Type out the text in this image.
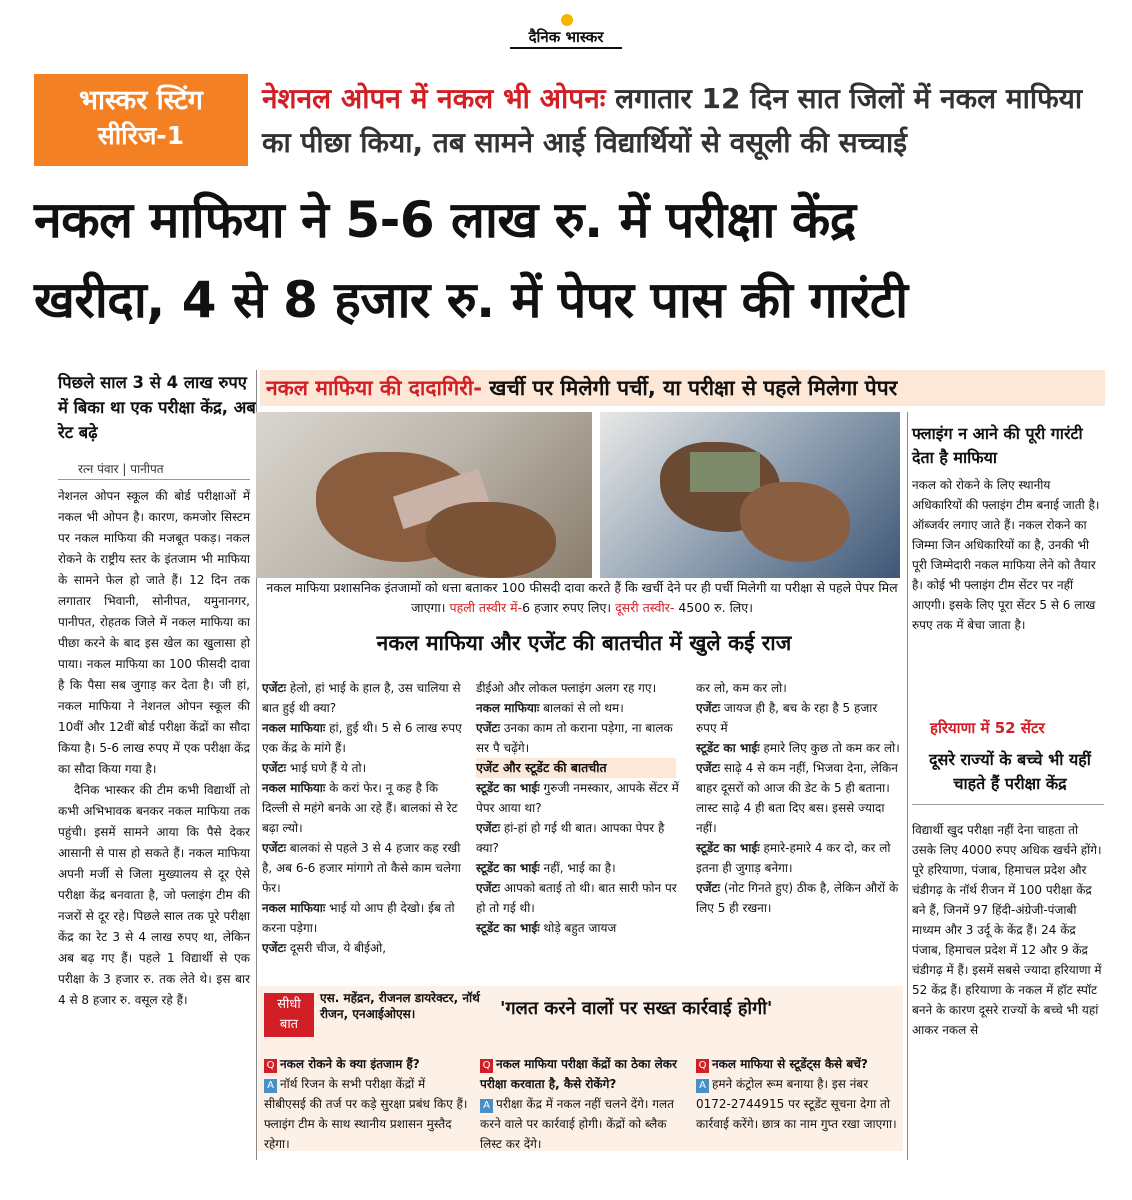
दैनिक भास्कर
भास्कर स्टिंग
सीरिज-1
नेशनल ओपन में नकल भी ओपनः लगातार 12 दिन सात जिलों में नकल माफिया का पीछा किया, तब सामने आई विद्यार्थियों से वसूली की सच्चाई
नकल माफिया ने 5-6 लाख रु. में परीक्षा केंद्र
खरीदा, 4 से 8 हजार रु. में पेपर पास की गारंटी
पिछले साल 3 से 4 लाख रुपए में बिका था एक परीक्षा केंद्र, अब रेट बढ़े
रत्न पंवार | पानीपत

नेशनल ओपन स्कूल की बोर्ड परीक्षाओं में नकल भी ओपन है। कारण, कमजोर सिस्टम पर नकल माफिया की मजबूत पकड़। नकल रोकने के राष्ट्रीय स्तर के इंतजाम भी माफिया के सामने फेल हो जाते हैं। 12 दिन तक लगातार भिवानी, सोनीपत, यमुनानगर, पानीपत, रोहतक जिले में नकल माफिया का पीछा करने के बाद इस खेल का खुलासा हो पाया। नकल माफिया का 100 फीसदी दावा है कि पैसा सब जुगाड़ कर देता है। जी हां, नकल माफिया ने नेशनल ओपन स्कूल की 10वीं और 12वीं बोर्ड परीक्षा केंद्रों का सौदा किया है। 5-6 लाख रुपए में एक परीक्षा केंद्र का सौदा किया गया है।

दैनिक भास्कर की टीम कभी विद्यार्थी तो कभी अभिभावक बनकर नकल माफिया तक पहुंची। इसमें सामने आया कि पैसे देकर आसानी से पास हो सकते हैं। नकल माफिया अपनी मर्जी से जिला मुख्यालय से दूर ऐसे परीक्षा केंद्र बनवाता है, जो फ्लाइंग टीम की नजरों से दूर रहे। पिछले साल तक पूरे परीक्षा केंद्र का रेट 3 से 4 लाख रुपए था, लेकिन अब बढ़ गए हैं। पहले 1 विद्यार्थी से एक परीक्षा के 3 हजार रु. तक लेते थे। इस बार 4 से 8 हजार रु. वसूल रहे हैं।

नकल माफिया की दादागिरी- खर्ची पर मिलेगी पर्ची, या परीक्षा से पहले मिलेगा पेपर
नकल माफिया प्रशासनिक इंतजामों को धत्ता बताकर 100 फीसदी दावा करते हैं कि खर्ची देने पर ही पर्ची मिलेगी या परीक्षा से पहले पेपर मिल जाएगा। पहली तस्वीर में-6 हजार रुपए लिए। दूसरी तस्वीर- 4500 रु. लिए।
फ्लाइंग न आने की पूरी गारंटी देता है माफिया
नकल को रोकने के लिए स्थानीय अधिकारियों की फ्लाइंग टीम बनाई जाती है। ऑब्जर्वर लगाए जाते हैं। नकल रोकने का जिम्मा जिन अधिकारियों का है, उनकी भी पूरी जिम्मेदारी नकल माफिया लेने को तैयार है। कोई भी फ्लाइंग टीम सेंटर पर नहीं आएगी। इसके लिए पूरा सेंटर 5 से 6 लाख रुपए तक में बेचा जाता है।
हरियाणा में 52 सेंटर
दूसरे राज्यों के बच्चे भी यहीं चाहते हैं परीक्षा केंद्र
विद्यार्थी खुद परीक्षा नहीं देना चाहता तो उसके लिए 4000 रुपए अधिक खर्चने होंगे। पूरे हरियाणा, पंजाब, हिमाचल प्रदेश और चंडीगढ़ के नॉर्थ रीजन में 100 परीक्षा केंद्र बने हैं, जिनमें 97 हिंदी-अंग्रेजी-पंजाबी माध्यम और 3 उर्दू के केंद्र हैं। 24 केंद्र पंजाब, हिमाचल प्रदेश में 12 और 9 केंद्र चंडीगढ़ में हैं। इसमें सबसे ज्यादा हरियाणा में 52 केंद्र हैं। हरियाणा के नकल में हॉट स्पॉट बनने के कारण दूसरे राज्यों के बच्चे भी यहां आकर नकल से
नकल माफिया और एजेंट की बातचीत में खुले कई राज

एजेंटः हेलो, हां भाई के हाल है, उस चालिया से बात हुई थी क्या?

नकल माफियाः हां, हुई थी। 5 से 6 लाख रुपए एक केंद्र के मांगे हैं।

एजेंटः भाई घणे हैं ये तो।

नकल माफियाः के करां फेर। नू कह है कि दिल्ली से महंगे बनके आ रहे हैं। बालकां से रेट बढ़ा ल्यो।

एजेंटः बालकां से पहले 3 से 4 हजार कह रखी है, अब 6-6 हजार मांगागे तो कैसे काम चलेगा फेर।

नकल माफियाः भाई यो आप ही देखो। ईब तो करना पड़ेगा।

एजेंटः दूसरी चीज, ये बीईओ,

डीईओ और लोकल फ्लाइंग अलग रह गए।

नकल माफियाः बालकां से लो थम।

एजेंटः उनका काम तो कराना पड़ेगा, ना बालक सर पै चढ़ेंगे।

एजेंट और स्टूडेंट की बातचीत

स्टूडेंट का भाईः गुरुजी नमस्कार, आपके सेंटर में पेपर आया था?

एजेंटः हां-हां हो गई थी बात। आपका पेपर है क्या?

स्टूडेंट का भाईः नहीं, भाई का है।

एजेंटः आपको बताई तो थी। बात सारी फोन पर हो तो गई थी।

स्टूडेंट का भाईः थोड़े बहुत जायज

कर लो, कम कर लो।

एजेंटः जायज ही है, बच के रहा है 5 हजार रुपए में

स्टूडेंट का भाईः हमारे लिए कुछ तो कम कर लो।

एजेंटः साढ़े 4 से कम नहीं, भिजवा देना, लेकिन बाहर दूसरों को आज की डेट के 5 ही बताना। लास्ट साढ़े 4 ही बता दिए बस। इससे ज्यादा नहीं।

स्टूडेंट का भाईः हमारे-हमारे 4 कर दो, कर लो इतना ही जुगाड़ बनेगा।

एजेंटः (नोट गिनते हुए) ठीक है, लेकिन औरों के लिए 5 ही रखना।

सीधी
बात
एस. महेंद्रन, रीजनल डायरेक्टर, नॉर्थ रीजन, एनआईओएस।	'गलत करने वालों पर सख्त कार्रवाई होगी'
Q नकल रोकने के क्या इंतजाम हैं?
A नॉर्थ रिजन के सभी परीक्षा केंद्रों में सीबीएसई की तर्ज पर कड़े सुरक्षा प्रबंध किए हैं। फ्लाइंग टीम के साथ स्थानीय प्रशासन मुस्तैद रहेगा।
Q नकल माफिया परीक्षा केंद्रों का ठेका लेकर परीक्षा करवाता है, कैसे रोकेंगे?
A परीक्षा केंद्र में नकल नहीं चलने देंगे। गलत करने वाले पर कार्रवाई होगी। केंद्रों को ब्लैक लिस्ट कर देंगे।
Q नकल माफिया से स्टूडेंट्स कैसे बचें?
A हमने कंट्रोल रूम बनाया है। इस नंबर 0172-2744915 पर स्टूडेंट सूचना देगा तो कार्रवाई करेंगे। छात्र का नाम गुप्त रखा जाएगा।
